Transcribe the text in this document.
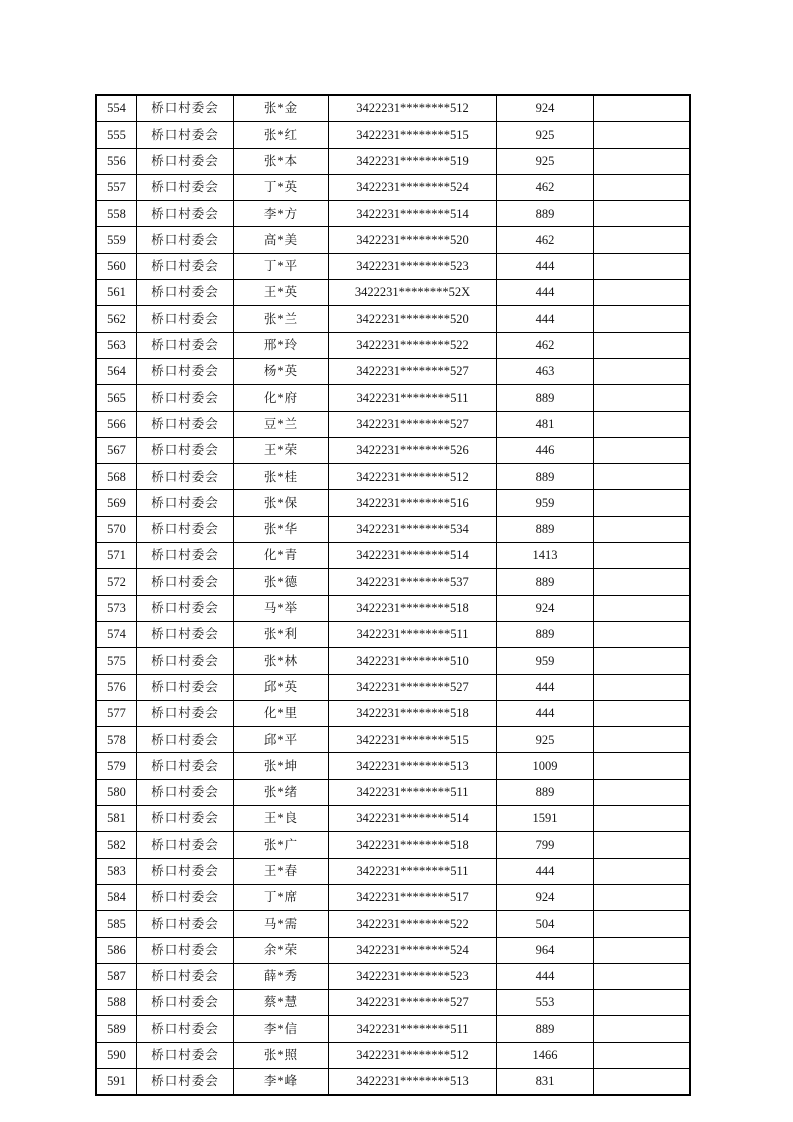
554	桥口村委会	张*金	3422231********512	924	
555	桥口村委会	张*红	3422231********515	925	
556	桥口村委会	张*本	3422231********519	925	
557	桥口村委会	丁*英	3422231********524	462	
558	桥口村委会	李*方	3422231********514	889	
559	桥口村委会	高*美	3422231********520	462	
560	桥口村委会	丁*平	3422231********523	444	
561	桥口村委会	王*英	3422231********52X	444	
562	桥口村委会	张*兰	3422231********520	444	
563	桥口村委会	邢*玲	3422231********522	462	
564	桥口村委会	杨*英	3422231********527	463	
565	桥口村委会	化*府	3422231********511	889	
566	桥口村委会	豆*兰	3422231********527	481	
567	桥口村委会	王*荣	3422231********526	446	
568	桥口村委会	张*桂	3422231********512	889	
569	桥口村委会	张*保	3422231********516	959	
570	桥口村委会	张*华	3422231********534	889	
571	桥口村委会	化*青	3422231********514	1413	
572	桥口村委会	张*德	3422231********537	889	
573	桥口村委会	马*举	3422231********518	924	
574	桥口村委会	张*利	3422231********511	889	
575	桥口村委会	张*林	3422231********510	959	
576	桥口村委会	邱*英	3422231********527	444	
577	桥口村委会	化*里	3422231********518	444	
578	桥口村委会	邱*平	3422231********515	925	
579	桥口村委会	张*坤	3422231********513	1009	
580	桥口村委会	张*绪	3422231********511	889	
581	桥口村委会	王*良	3422231********514	1591	
582	桥口村委会	张*广	3422231********518	799	
583	桥口村委会	王*春	3422231********511	444	
584	桥口村委会	丁*席	3422231********517	924	
585	桥口村委会	马*需	3422231********522	504	
586	桥口村委会	余*荣	3422231********524	964	
587	桥口村委会	薛*秀	3422231********523	444	
588	桥口村委会	蔡*慧	3422231********527	553	
589	桥口村委会	李*信	3422231********511	889	
590	桥口村委会	张*照	3422231********512	1466	
591	桥口村委会	李*峰	3422231********513	831	
